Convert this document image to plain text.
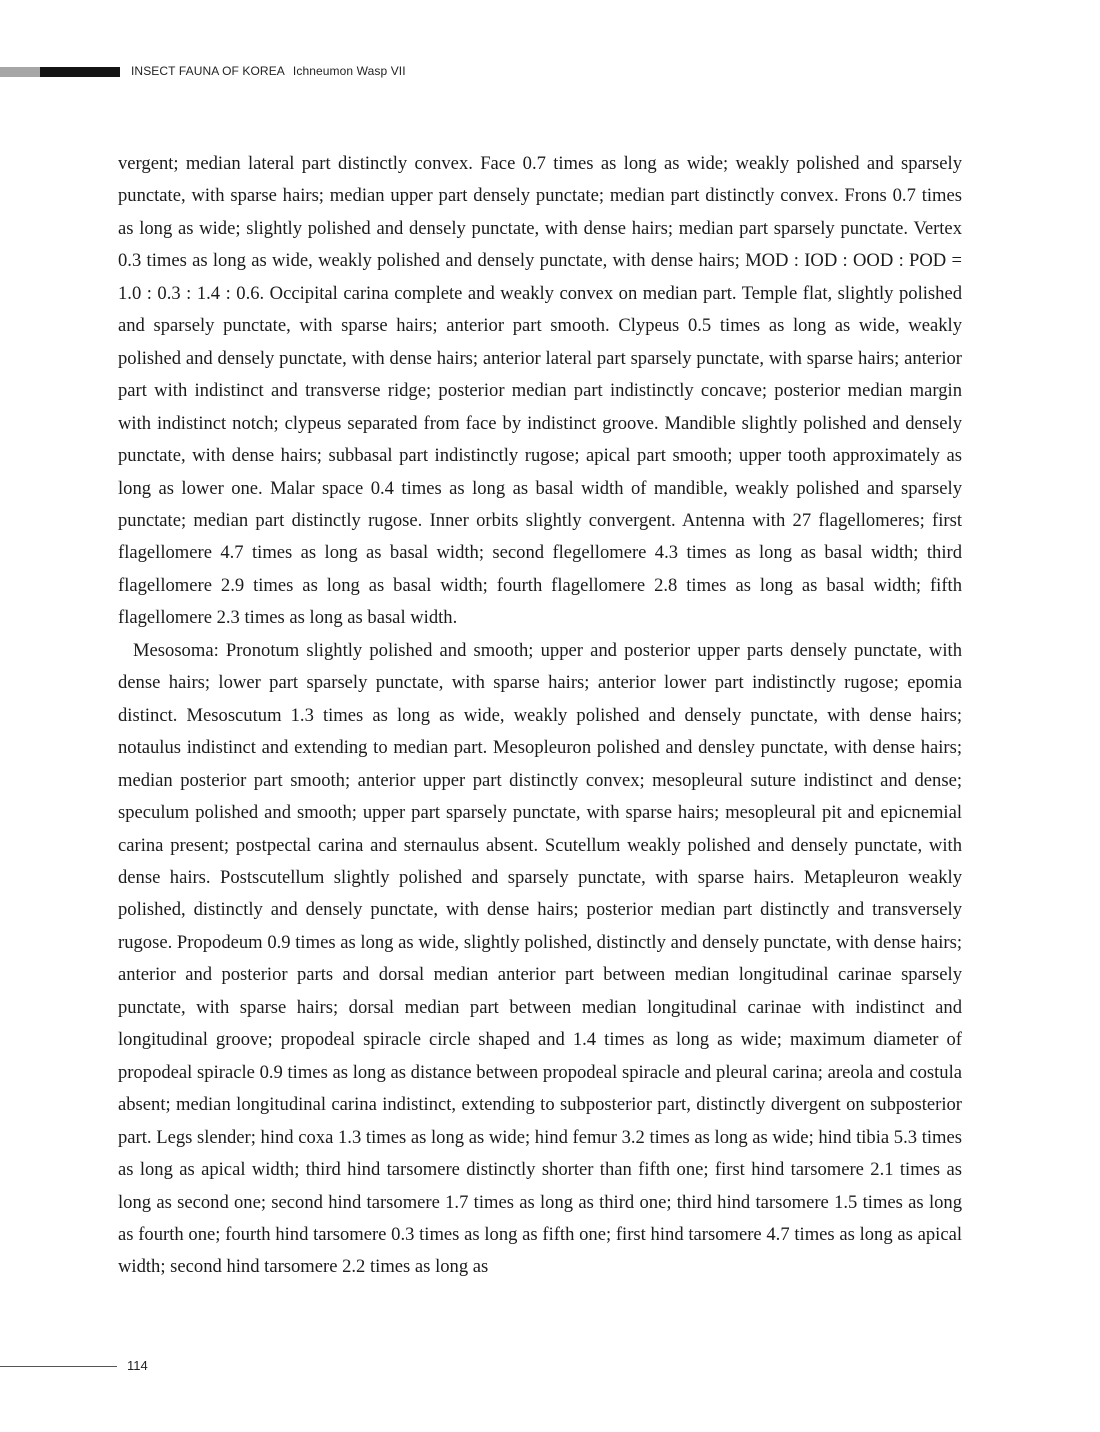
INSECT FAUNA OF KOREA Ichneumon Wasp VII

vergent; median lateral part distinctly convex. Face 0.7 times as long as wide; weakly polished and sparsely punctate, with sparse hairs; median upper part densely punctate; median part distinctly convex. Frons 0.7 times as long as wide; slightly polished and densely punctate, with dense hairs; median part sparsely punctate. Vertex 0.3 times as long as wide, weakly polished and densely punctate, with dense hairs; MOD : IOD : OOD : POD = 1.0 : 0.3 : 1.4 : 0.6. Occipital carina complete and weakly convex on median part. Temple flat, slightly polished and sparsely punctate, with sparse hairs; anterior part smooth. Clypeus 0.5 times as long as wide, weakly polished and densely punctate, with dense hairs; anterior lateral part sparsely punctate, with sparse hairs; anterior part with indistinct and transverse ridge; posterior median part indistinctly concave; posterior median margin with indistinct notch; clypeus separated from face by indistinct groove. Mandible slightly polished and densely punctate, with dense hairs; subbasal part indistinctly rugose; apical part smooth; upper tooth approximately as long as lower one. Malar space 0.4 times as long as basal width of mandible, weakly polished and sparsely punctate; median part distinctly rugose. Inner orbits slightly convergent. Antenna with 27 flagellomeres; first flagellomere 4.7 times as long as basal width; second flegellomere 4.3 times as long as basal width; third flagellomere 2.9 times as long as basal width; fourth flagellomere 2.8 times as long as basal width; fifth flagellomere 2.3 times as long as basal width.

Mesosoma: Pronotum slightly polished and smooth; upper and posterior upper parts densely punctate, with dense hairs; lower part sparsely punctate, with sparse hairs; anterior lower part indistinctly rugose; epomia distinct. Mesoscutum 1.3 times as long as wide, weakly polished and densely punctate, with dense hairs; notaulus indistinct and extending to median part. Mesopleuron polished and densley punctate, with dense hairs; median posterior part smooth; anterior upper part distinctly convex; mesopleural suture indistinct and dense; speculum polished and smooth; upper part sparsely punctate, with sparse hairs; mesopleural pit and epicnemial carina present; postpectal carina and sternaulus absent. Scutellum weakly polished and densely punctate, with dense hairs. Postscutellum slightly polished and sparsely punctate, with sparse hairs. Metapleuron weakly polished, distinctly and densely punctate, with dense hairs; posterior median part distinctly and transversely rugose. Propodeum 0.9 times as long as wide, slightly polished, distinctly and densely punctate, with dense hairs; anterior and posterior parts and dorsal median anterior part between median longitudinal carinae sparsely punctate, with sparse hairs; dorsal median part between median longitudinal carinae with indistinct and longitudinal groove; propodeal spiracle circle shaped and 1.4 times as long as wide; maximum diameter of propodeal spiracle 0.9 times as long as distance between propodeal spiracle and pleural carina; areola and costula absent; median longitudinal carina indistinct, extending to subposterior part, distinctly divergent on subposterior part. Legs slender; hind coxa 1.3 times as long as wide; hind femur 3.2 times as long as wide; hind tibia 5.3 times as long as apical width; third hind tarsomere distinctly shorter than fifth one; first hind tarsomere 2.1 times as long as second one; second hind tarsomere 1.7 times as long as third one; third hind tarsomere 1.5 times as long as fourth one; fourth hind tarsomere 0.3 times as long as fifth one; first hind tarsomere 4.7 times as long as apical width; second hind tarsomere 2.2 times as long as

114
